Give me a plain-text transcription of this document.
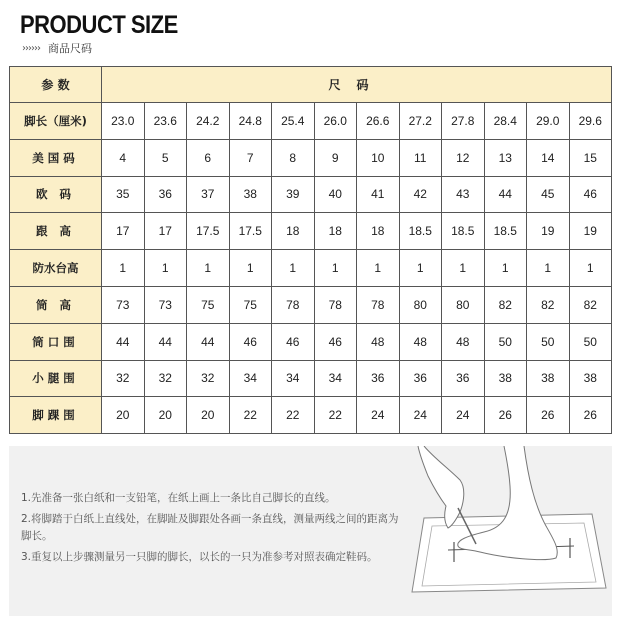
PRODUCT SIZE
›››››› 商品尺码
参 数	尺码											
脚长（厘米)	23.0	23.6	24.2	24.8	25.4	26.0	26.6	27.2	27.8	28.4	29.0	29.6
美国码	4	5	6	7	8	9	10	11	12	13	14	15
欧 码	35	36	37	38	39	40	41	42	43	44	45	46
跟 高	17	17	17.5	17.5	18	18	18	18.5	18.5	18.5	19	19
防水台高	1	1	1	1	1	1	1	1	1	1	1	1
筒 高	73	73	75	75	78	78	78	80	80	82	82	82
筒口围	44	44	44	46	46	46	48	48	48	50	50	50
小腿围	32	32	32	34	34	34	36	36	36	38	38	38
脚踝围	20	20	20	22	22	22	24	24	24	26	26	26

1.先准备一张白纸和一支铅笔，在纸上画上一条比自己脚长的直线。

2.将脚踏于白纸上直线处，在脚趾及脚跟处各画一条直线，测量两线之间的距离为脚长。

3.重复以上步骤测量另一只脚的脚长，以长的一只为准参考对照表确定鞋码。
